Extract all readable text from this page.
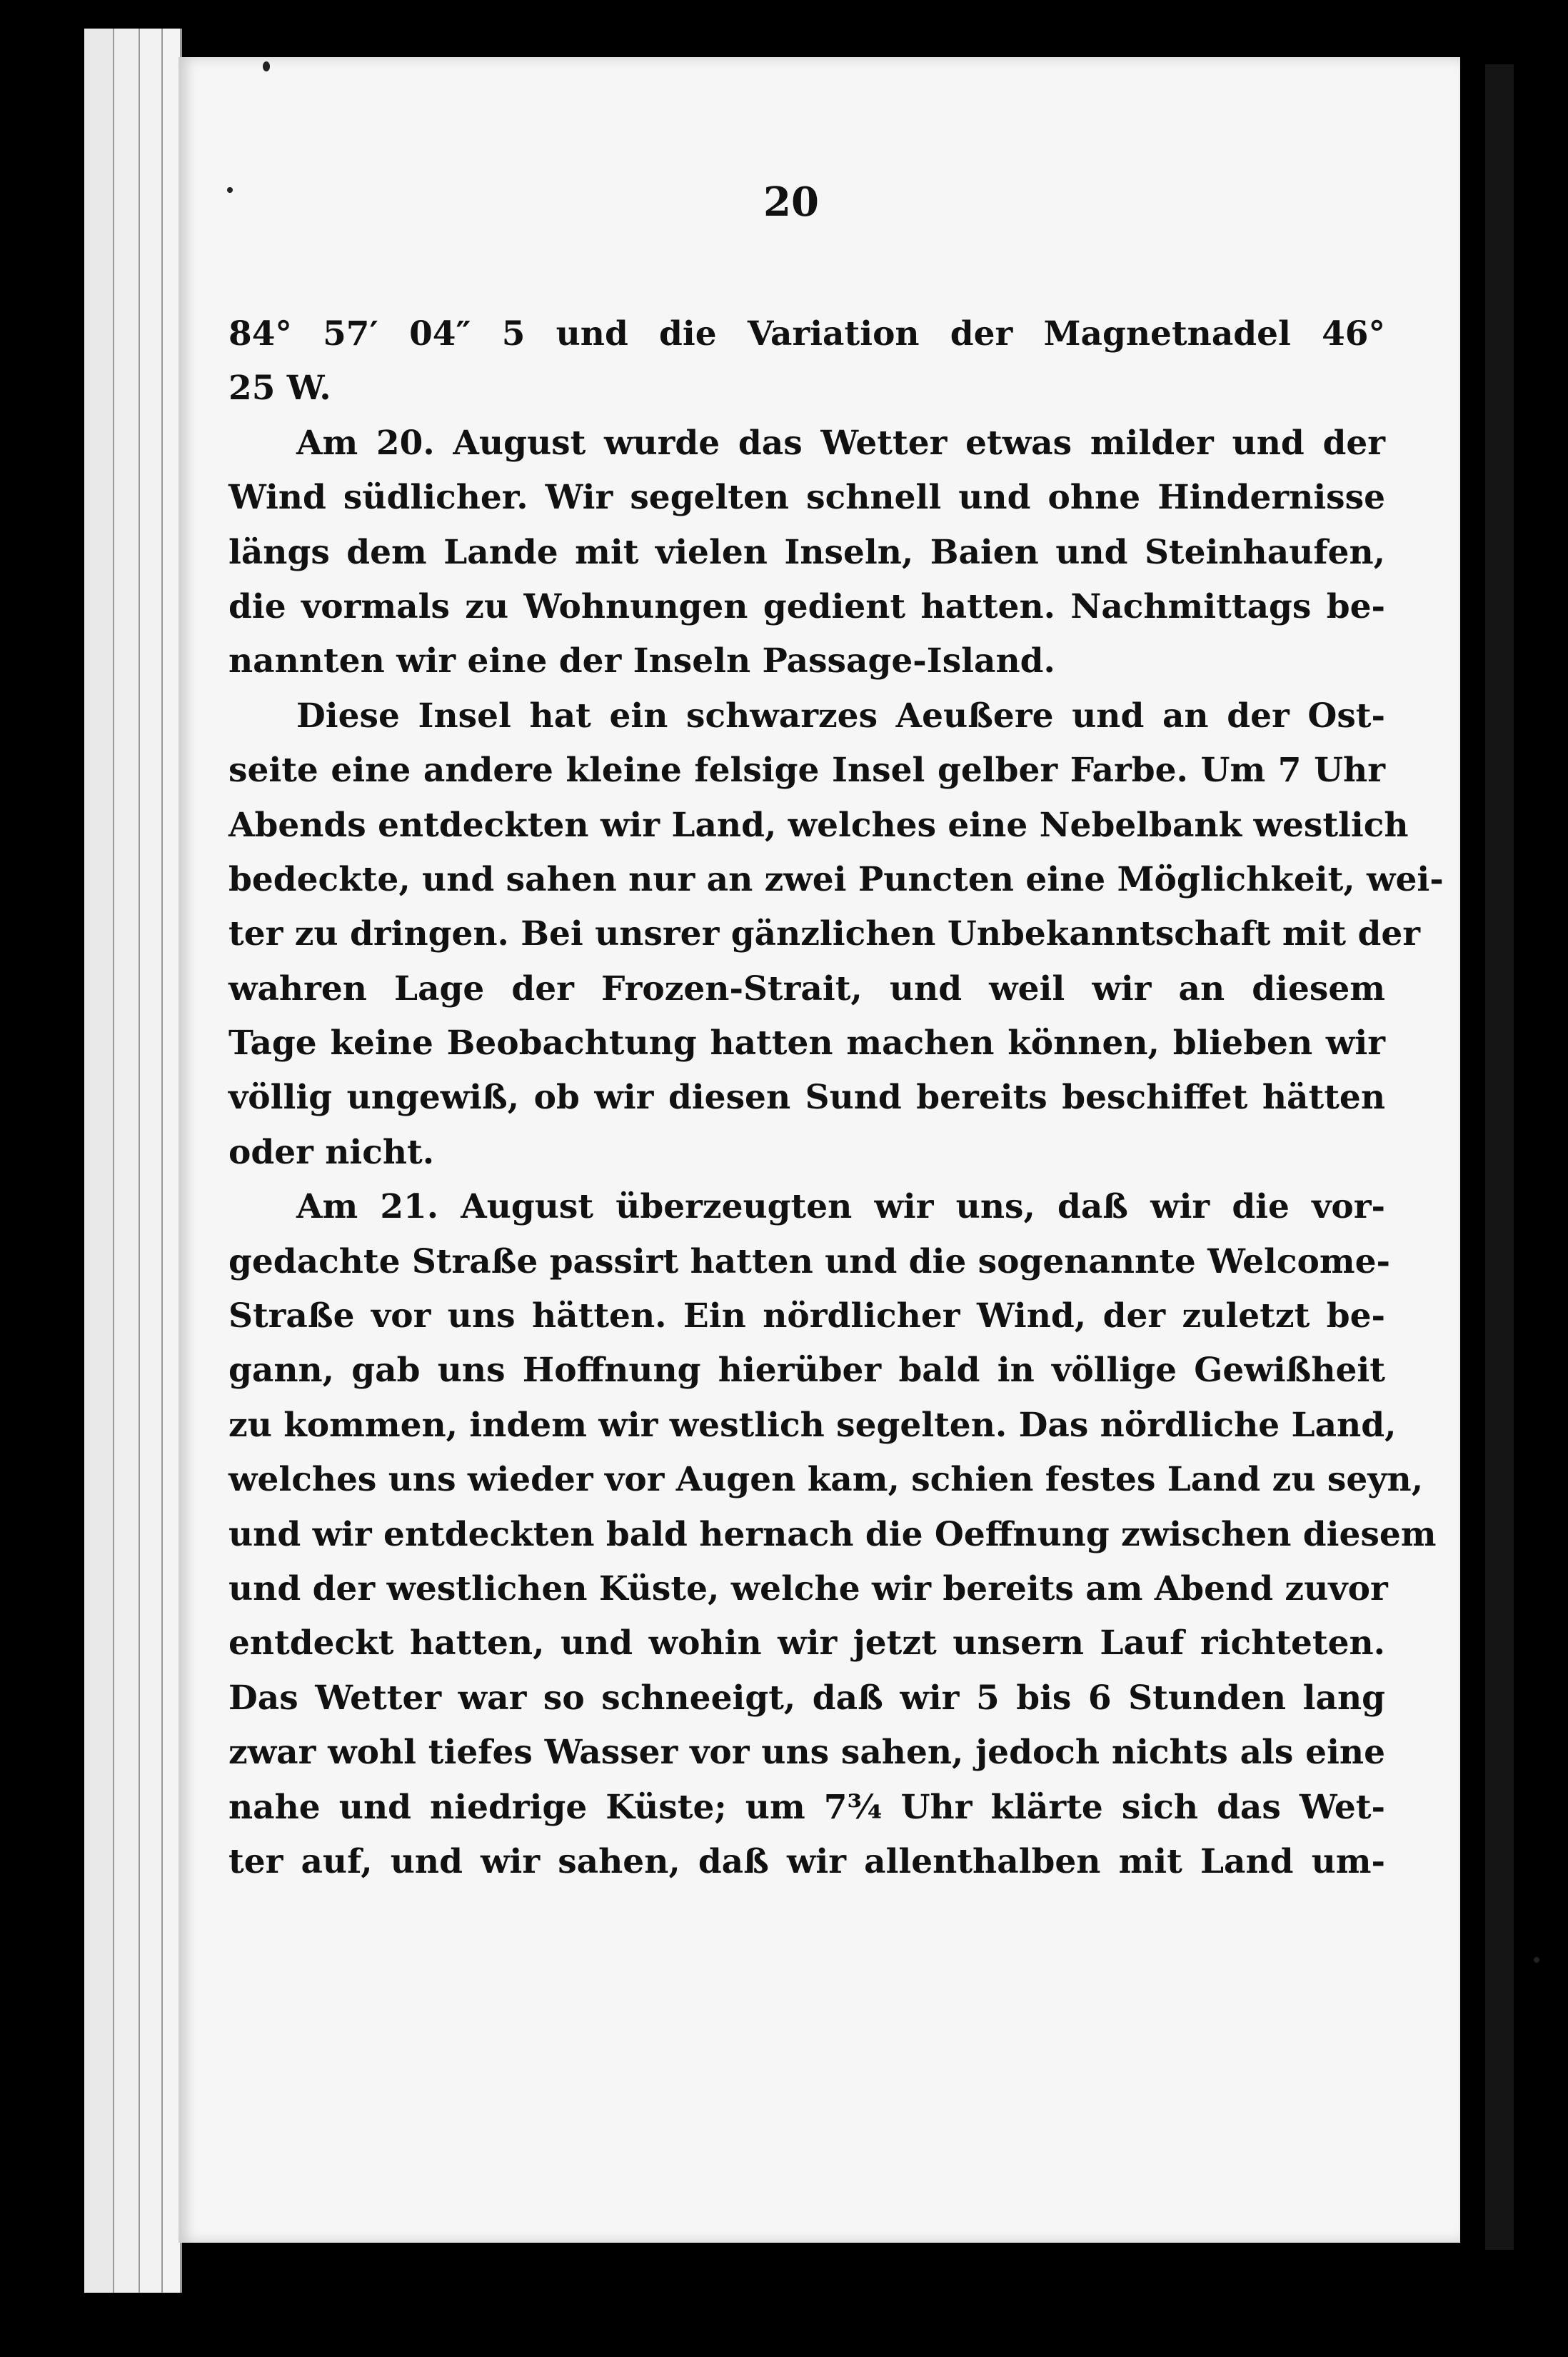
20
84° 57′ 04″ 5 und die Variation der Magnetnadel 46°
25 W.
Am 20. August wurde das Wetter etwas milder und der
Wind südlicher. Wir segelten schnell und ohne Hindernisse
längs dem Lande mit vielen Inseln, Baien und Steinhaufen,
die vormals zu Wohnungen gedient hatten. Nachmittags be-
nannten wir eine der Inseln Passage-Island.
Diese Insel hat ein schwarzes Aeußere und an der Ost-
seite eine andere kleine felsige Insel gelber Farbe. Um 7 Uhr
Abends entdeckten wir Land, welches eine Nebelbank westlich
bedeckte, und sahen nur an zwei Puncten eine Möglichkeit, wei-
ter zu dringen. Bei unsrer gänzlichen Unbekanntschaft mit der
wahren Lage der Frozen-Strait, und weil wir an diesem
Tage keine Beobachtung hatten machen können, blieben wir
völlig ungewiß, ob wir diesen Sund bereits beschiffet hätten
oder nicht.
Am 21. August überzeugten wir uns, daß wir die vor-
gedachte Straße passirt hatten und die sogenannte Welcome-
Straße vor uns hätten. Ein nördlicher Wind, der zuletzt be-
gann, gab uns Hoffnung hierüber bald in völlige Gewißheit
zu kommen, indem wir westlich segelten. Das nördliche Land,
welches uns wieder vor Augen kam, schien festes Land zu seyn,
und wir entdeckten bald hernach die Oeffnung zwischen diesem
und der westlichen Küste, welche wir bereits am Abend zuvor
entdeckt hatten, und wohin wir jetzt unsern Lauf richteten.
Das Wetter war so schneeigt, daß wir 5 bis 6 Stunden lang
zwar wohl tiefes Wasser vor uns sahen, jedoch nichts als eine
nahe und niedrige Küste; um 7¾ Uhr klärte sich das Wet-
ter auf, und wir sahen, daß wir allenthalben mit Land um-
